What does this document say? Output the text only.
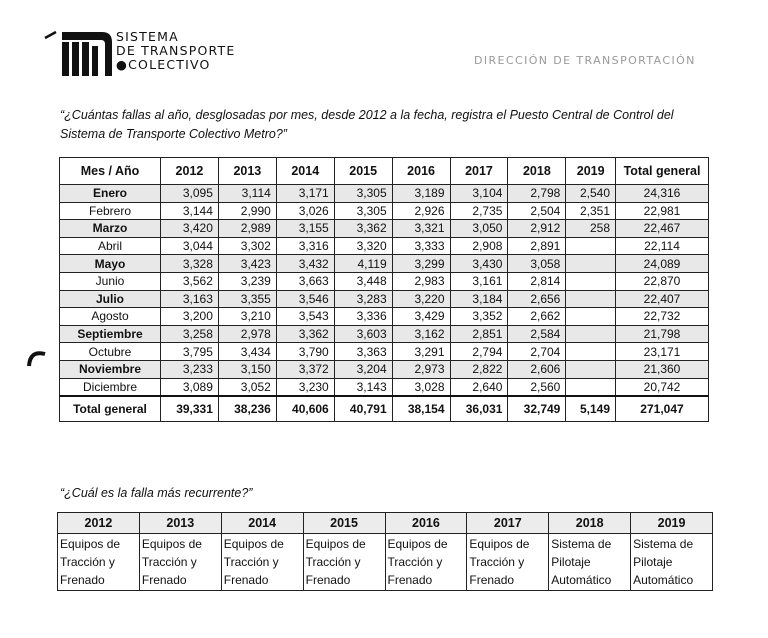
SISTEMA
DE TRANSPORTE
●COLECTIVO	DIRECCIÓN DE TRANSPORTACIÓN
“¿Cuántas fallas al año, desglosadas por mes, desde 2012 a la fecha, registra el Puesto Central de Control del Sistema de Transporte Colectivo Metro?”
Mes / Año	2012	2013	2014	2015	2016	2017	2018	2019	Total general
Enero	3,095	3,114	3,171	3,305	3,189	3,104	2,798	2,540	24,316
Febrero	3,144	2,990	3,026	3,305	2,926	2,735	2,504	2,351	22,981
Marzo	3,420	2,989	3,155	3,362	3,321	3,050	2,912	258	22,467
Abril	3,044	3,302	3,316	3,320	3,333	2,908	2,891		22,114
Mayo	3,328	3,423	3,432	4,119	3,299	3,430	3,058		24,089
Junio	3,562	3,239	3,663	3,448	2,983	3,161	2,814		22,870
Julio	3,163	3,355	3,546	3,283	3,220	3,184	2,656		22,407
Agosto	3,200	3,210	3,543	3,336	3,429	3,352	2,662		22,732
Septiembre	3,258	2,978	3,362	3,603	3,162	2,851	2,584		21,798
Octubre	3,795	3,434	3,790	3,363	3,291	2,794	2,704		23,171
Noviembre	3,233	3,150	3,372	3,204	2,973	2,822	2,606		21,360
Diciembre	3,089	3,052	3,230	3,143	3,028	2,640	2,560		20,742
Total general	39,331	38,236	40,606	40,791	38,154	36,031	32,749	5,149	271,047
“¿Cuál es la falla más recurrente?”
2012	2013	2014	2015	2016	2017	2018	2019

Equipos de
Tracción y
Frenado	Equipos de
Tracción y
Frenado	Equipos de
Tracción y
Frenado	Equipos de
Tracción y
Frenado	Equipos de
Tracción y
Frenado	Equipos de
Tracción y
Frenado	Sistema de
Pilotaje
Automático	Sistema de
Pilotaje
Automático
